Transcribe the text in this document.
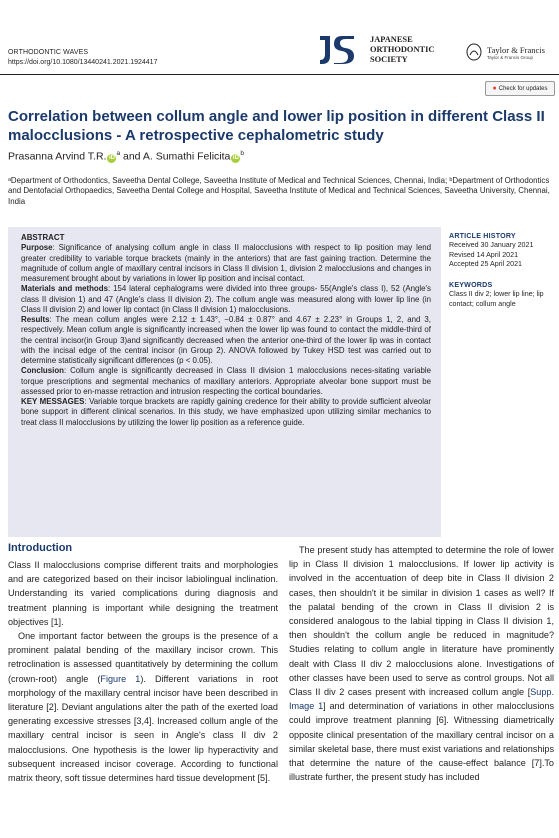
ORTHODONTIC WAVES
https://doi.org/10.1080/13440241.2021.1924417
JAPANESE
ORTHODONTIC
SOCIETY
Taylor & Francis
Taylor & Francis Group
● Check for updates
Correlation between collum angle and lower lip position in different Class II malocclusions - A retrospective cephalometric study
Prasanna Arvind T.R. $iD^a$ and A. Sumathi Felicita $iD^b$
ᵃDepartment of Orthodontics, Saveetha Dental College, Saveetha Institute of Medical and Technical Sciences, Chennai, India; ᵇDepartment of Orthodontics and Dentofacial Orthopaedics, Saveetha Dental College and Hospital, Saveetha Institute of Medical and Technical Sciences, Saveetha University, Chennai, India

ABSTRACT

Purpose: Significance of analysing collum angle in class II malocclusions with respect to lip position may lend greater credibility to variable torque brackets (mainly in the anteriors) that are fast gaining traction. Determine the magnitude of collum angle of maxillary central incisors in Class II division 1, division 2 malocclusions and changes in measurement brought about by variations in lower lip position and incisal contact.

Materials and methods: 154 lateral cephalograms were divided into three groups- 55(Angle's class I), 52 (Angle's class II division 1) and 47 (Angle's class II division 2). The collum angle was measured along with lower lip line (in Class II division 2) and lower lip contact (in Class II division 1) malocclusions.

Results: The mean collum angles were 2.12 ± 1.43°, −0.84 ± 0.87° and 4.67 ± 2.23° in Groups 1, 2, and 3, respectively. Mean collum angle is significantly increased when the lower lip was found to contact the middle-third of the central incisor(in Group 3)and significantly decreased when the anterior one-third of the lower lip was in contact with the incisal edge of the central incisor (in Group 2). ANOVA followed by Tukey HSD test was carried out to determine statistically significant differences (p < 0.05).

Conclusion: Collum angle is significantly decreased in Class II division 1 malocclusions neces-sitating variable torque prescriptions and segmental mechanics of maxillary anteriors. Appropriate alveolar bone support must be assessed prior to en-masse retraction and intrusion respecting the cortical boundaries.

KEY MESSAGES: Variable torque brackets are rapidly gaining credence for their ability to provide sufficient alveolar bone support in different clinical scenarios. In this study, we have emphasized upon utilizing similar mechanics to treat class II malocclusions by utilizing the lower lip position as a reference guide.

ARTICLE HISTORY
Received 30 January 2021
Revised 14 April 2021
Accepted 25 April 2021
KEYWORDS
Class II div 2; lower lip line; lip contact; collum angle
Introduction

Class II malocclusions comprise different traits and morphologies and are categorized based on their incisor labiolingual inclination. Understanding its varied complications during diagnosis and treatment planning is important while designing the treatment objectives [1].

One important factor between the groups is the presence of a prominent palatal bending of the maxillary incisor crown. This retroclination is assessed quantitatively by determining the collum (crown-root) angle (Figure 1). Different variations in root morphology of the maxillary central incisor have been described in literature [2]. Deviant angulations alter the path of the exerted load generating excessive stresses [3,4]. Increased collum angle of the maxillary central incisor is seen in Angle's class II div 2 malocclusions. One hypothesis is the lower lip hyperactivity and subsequent increased incisor coverage. According to functional matrix theory, soft tissue determines hard tissue development [5].

The present study has attempted to determine the role of lower lip in Class II division 1 malocclusions. If lower lip activity is involved in the accentuation of deep bite in Class II division 2 cases, then shouldn't it be similar in division 1 cases as well? If the palatal bending of the crown in Class II division 2 is considered analogous to the labial tipping in Class II division 1, then shouldn't the collum angle be reduced in magnitude? Studies relating to collum angle in literature have prominently dealt with Class II div 2 malocclusions alone. Investigations of other classes have been used to serve as control groups. Not all Class II div 2 cases present with increased collum angle [Supp. Image 1] and determination of variations in other malocclusions could improve treatment planning [6]. Witnessing diametrically opposite clinical presentation of the maxillary central incisor on a similar skeletal base, there must exist variations and relationships that determine the nature of the cause-effect balance [7].To illustrate further, the present study has included
